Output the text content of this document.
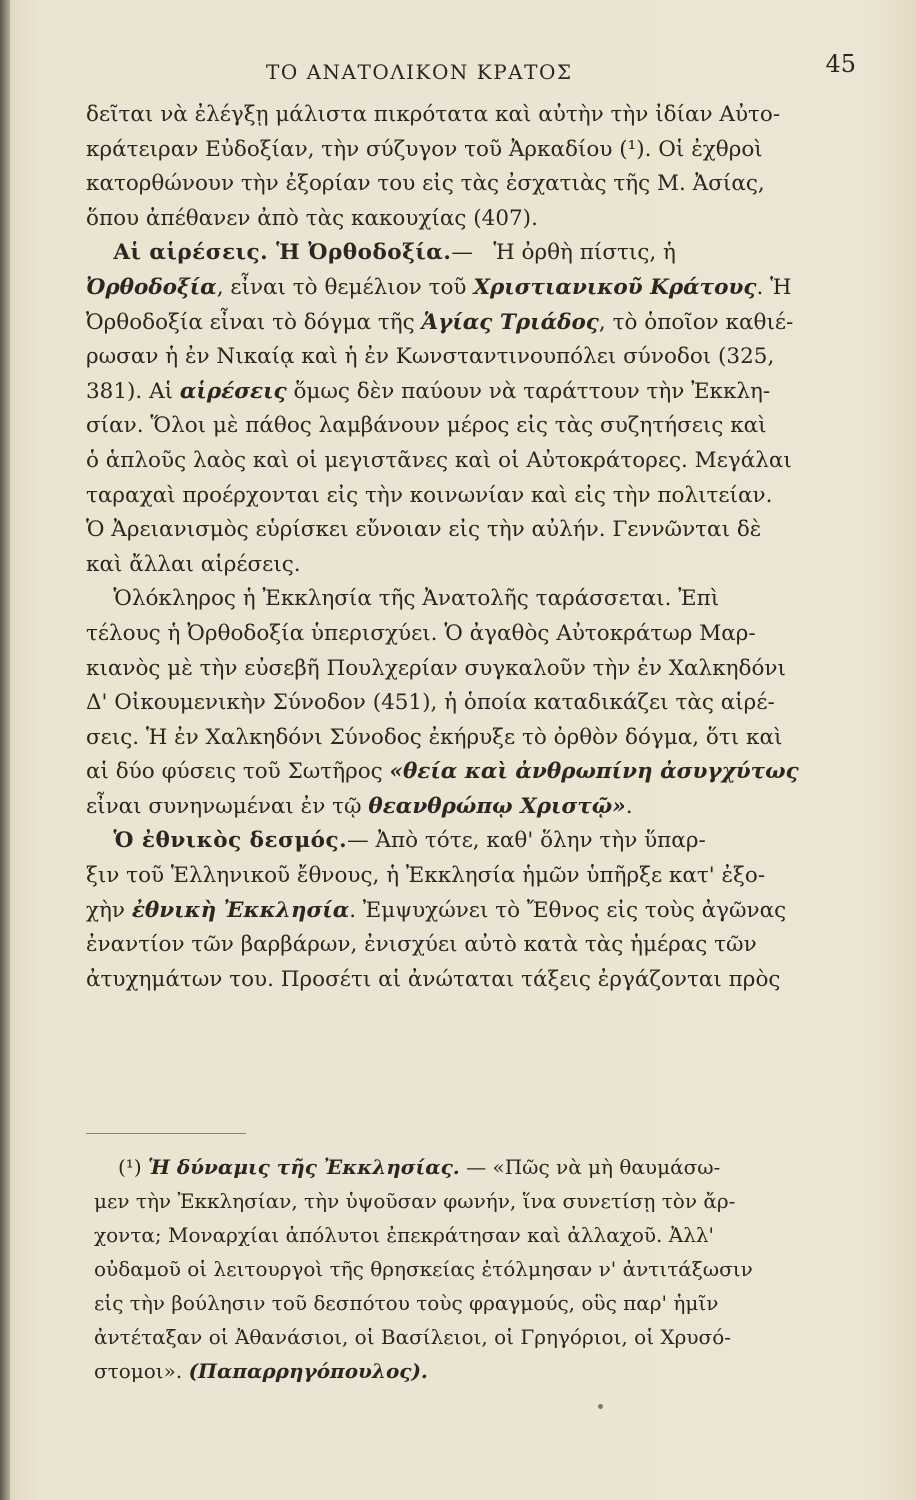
ΤΟ ΑΝΑΤΟΛΙΚΟΝ ΚΡΑΤΟΣ	45

δεῖται νὰ ἐλέγξῃ μάλιστα πικρότατα καὶ αὐτὴν τὴν ἰδίαν Αὐτο-
κράτειραν Εὐδοξίαν, τὴν σύζυγον τοῦ Ἀρκαδίου (¹). Οἱ ἐχθροὶ
κατορθώνουν τὴν ἐξορίαν του εἰς τὰς ἐσχατιὰς τῆς Μ. Ἀσίας,
ὅπου ἀπέθανεν ἀπὸ τὰς κακουχίας (407).

Αἱ αἱρέσεις. Ἡ Ὀρθοδοξία.— Ἡ ὀρθὴ πίστις, ἡ
Ὀρθοδοξία, εἶναι τὸ θεμέλιον τοῦ Χριστιανικοῦ Κράτους. Ἡ
Ὀρθοδοξία εἶναι τὸ δόγμα τῆς Ἁγίας Τριάδος, τὸ ὁποῖον καθιέ-
ρωσαν ἡ ἐν Νικαίᾳ καὶ ἡ ἐν Κωνσταντινουπόλει σύνοδοι (325,
381). Αἱ αἱρέσεις ὅμως δὲν παύουν νὰ ταράττουν τὴν Ἐκκλη-
σίαν. Ὅλοι μὲ πάθος λαμβάνουν μέρος εἰς τὰς συζητήσεις καὶ
ὁ ἁπλοῦς λαὸς καὶ οἱ μεγιστᾶνες καὶ οἱ Αὐτοκράτορες. Μεγάλαι
ταραχαὶ προέρχονται εἰς τὴν κοινωνίαν καὶ εἰς τὴν πολιτείαν.
Ὁ Ἀρειανισμὸς εὑρίσκει εὔνοιαν εἰς τὴν αὐλήν. Γεννῶνται δὲ
καὶ ἄλλαι αἱρέσεις.

Ὁλόκληρος ἡ Ἐκκλησία τῆς Ἀνατολῆς ταράσσεται. Ἐπὶ
τέλους ἡ Ὀρθοδοξία ὑπερισχύει. Ὁ ἀγαθὸς Αὐτοκράτωρ Μαρ-
κιανὸς μὲ τὴν εὐσεβῆ Πουλχερίαν συγκαλοῦν τὴν ἐν Χαλκηδόνι
Δ' Οἰκουμενικὴν Σύνοδον (451), ἡ ὁποία καταδικάζει τὰς αἱρέ-
σεις. Ἡ ἐν Χαλκηδόνι Σύνοδος ἐκήρυξε τὸ ὀρθὸν δόγμα, ὅτι καὶ
αἱ δύο φύσεις τοῦ Σωτῆρος «θεία καὶ ἀνθρωπίνη ἀσυγχύτως
εἶναι συνηνωμέναι ἐν τῷ θεανθρώπῳ Χριστῷ».

Ὁ ἐθνικὸς δεσμός.— Ἀπὸ τότε, καθ' ὅλην τὴν ὕπαρ-
ξιν τοῦ Ἑλληνικοῦ ἔθνους, ἡ Ἐκκλησία ἡμῶν ὑπῆρξε κατ' ἐξο-
χὴν ἐθνικὴ Ἐκκλησία. Ἐμψυχώνει τὸ Ἔθνος εἰς τοὺς ἀγῶνας
ἐναντίον τῶν βαρβάρων, ἐνισχύει αὐτὸ κατὰ τὰς ἡμέρας τῶν
ἀτυχημάτων του. Προσέτι αἱ ἀνώταται τάξεις ἐργάζονται πρὸς

(¹) Ἡ δύναμις τῆς Ἐκκλησίας. — «Πῶς νὰ μὴ θαυμάσω-
μεν τὴν Ἐκκλησίαν, τὴν ὑψοῦσαν φωνήν, ἵνα συνετίσῃ τὸν ἄρ-
χοντα; Μοναρχίαι ἀπόλυτοι ἐπεκράτησαν καὶ ἀλλαχοῦ. Ἀλλ'
οὐδαμοῦ οἱ λειτουργοὶ τῆς θρησκείας ἐτόλμησαν ν' ἀντιτάξωσιν
εἰς τὴν βούλησιν τοῦ δεσπότου τοὺς φραγμούς, οὓς παρ' ἡμῖν
ἀντέταξαν οἱ Ἀθανάσιοι, οἱ Βασίλειοι, οἱ Γρηγόριοι, οἱ Χρυσό-
στομοι». (Παπαρρηγόπουλος).
